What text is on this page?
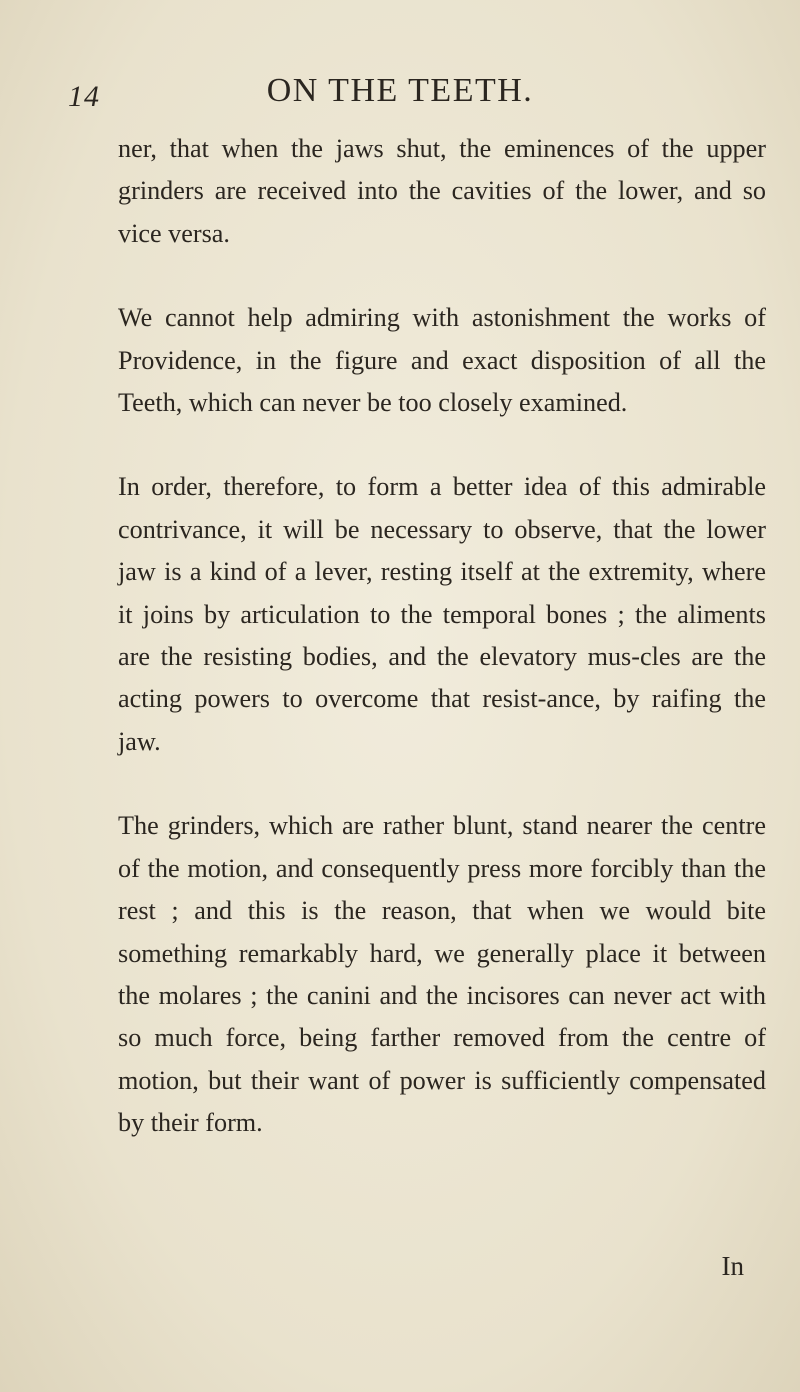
14	ON THE TEETH.

ner, that when the jaws shut, the eminences of the upper grinders are received into the cavities of the lower, and so vice versa.

We cannot help admiring with astonishment the works of Providence, in the figure and exact disposition of all the Teeth, which can never be too closely examined.

In order, therefore, to form a better idea of this admirable contrivance, it will be necessary to observe, that the lower jaw is a kind of a lever, resting itself at the extremity, where it joins by articulation to the temporal bones ; the aliments are the resisting bodies, and the elevatory mus-cles are the acting powers to overcome that resist-ance, by raifing the jaw.

The grinders, which are rather blunt, stand nearer the centre of the motion, and consequently press more forcibly than the rest ; and this is the reason, that when we would bite something remarkably hard, we generally place it between the molares ; the canini and the incisores can never act with so much force, being farther removed from the centre of motion, but their want of power is sufficiently compensated by their form.

In
